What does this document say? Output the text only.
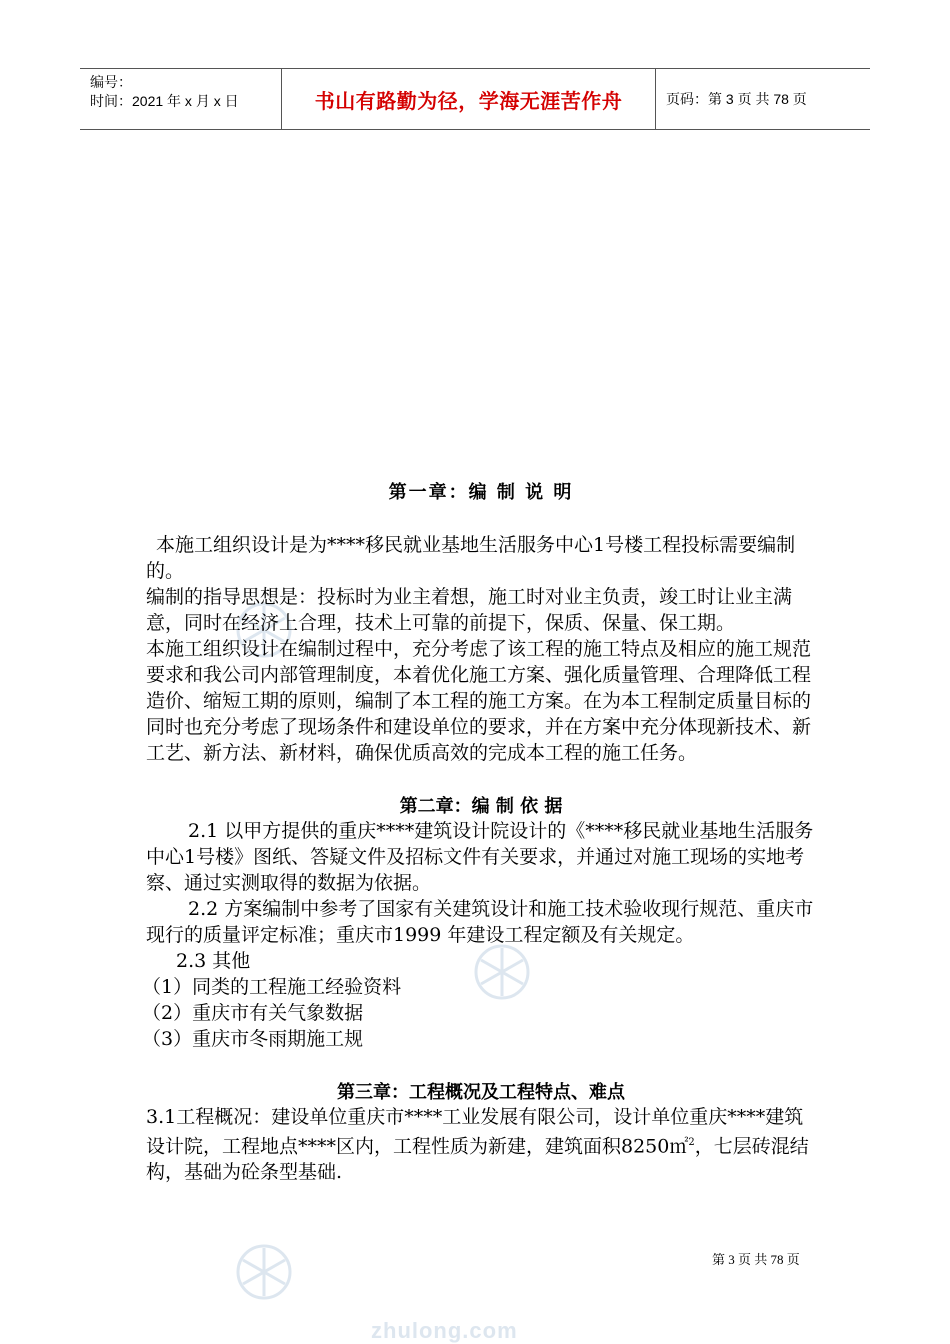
编号：
时间：2021 年 x 月 x 日	书山有路勤为径，学海无涯苦作舟	页码：第 3 页 共 78 页
第一章：编 制 说 明

本施工组织设计是为****移民就业基地生活服务中心1号楼工程投标需要编制的。

编制的指导思想是：投标时为业主着想，施工时对业主负责，竣工时让业主满意，同时在经济上合理，技术上可靠的前提下，保质、保量、保工期。

本施工组织设计在编制过程中，充分考虑了该工程的施工特点及相应的施工规范要求和我公司内部管理制度，本着优化施工方案、强化质量管理、合理降低工程造价、缩短工期的原则，编制了本工程的施工方案。在为本工程制定质量目标的同时也充分考虑了现场条件和建设单位的要求，并在方案中充分体现新技术、新工艺、新方法、新材料，确保优质高效的完成本工程的施工任务。

第二章：编 制 依 据

2.1 以甲方提供的重庆****建筑设计院设计的《****移民就业基地生活服务中心1号楼》图纸、答疑文件及招标文件有关要求，并通过对施工现场的实地考察、通过实测取得的数据为依据。

2.2 方案编制中参考了国家有关建筑设计和施工技术验收现行规范、重庆市现行的质量评定标准；重庆市1999 年建设工程定额及有关规定。

2.3 其他

（1）同类的工程施工经验资料

（2）重庆市有关气象数据

（3）重庆市冬雨期施工规

第三章：工程概况及工程特点、难点

3.1工程概况：建设单位重庆市****工业发展有限公司，设计单位重庆****建筑设计院，工程地点****区内，工程性质为新建，建筑面积8250㎡$^2$，七层砖混结构，基础为砼条型基础.

第 3 页 共 78 页
zhulong.com
